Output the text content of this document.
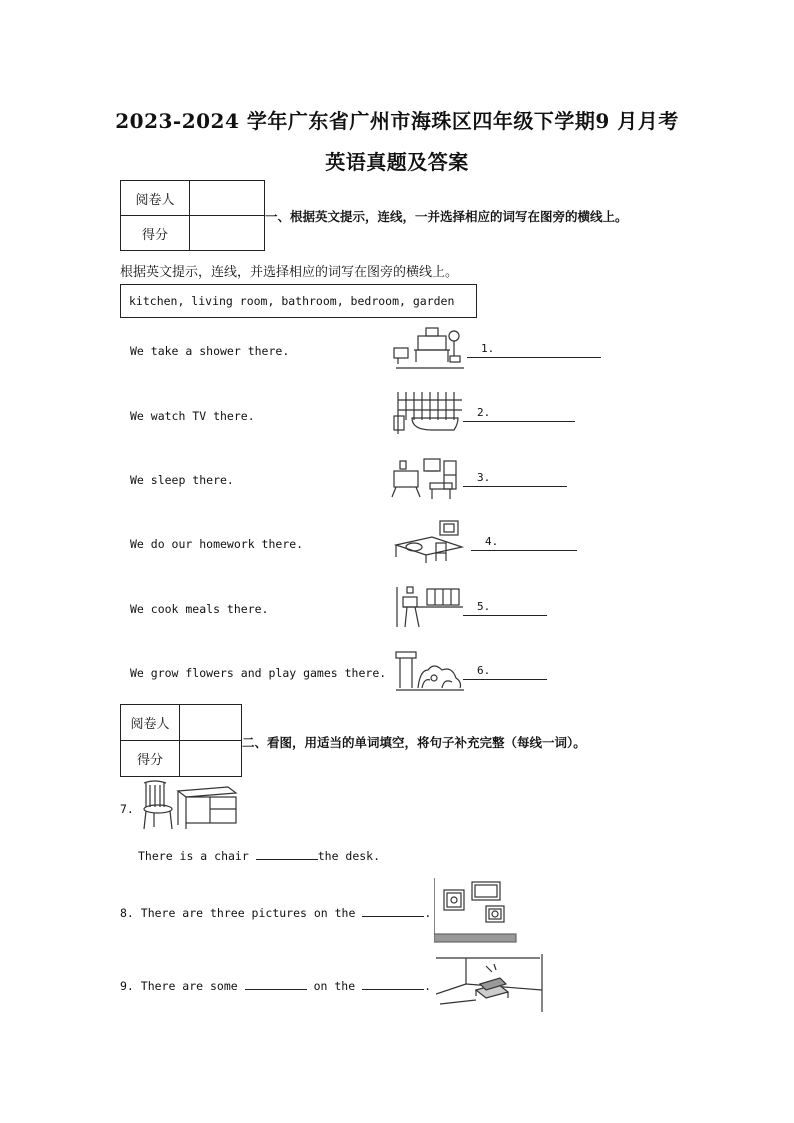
2023-2024 学年广东省广州市海珠区四年级下学期9 月月考
英语真题及答案
阅卷人	
得分	
一、根据英文提示，连线，一并选择相应的词写在图旁的横线上。
根据英文提示，连线，并选择相应的词写在图旁的横线上。
kitchen, living room, bathroom, bedroom, garden
We take a shower there.
We watch TV there.
We sleep there.
We do our homework there.
We cook meals there.
We grow flowers and play games there.
1.
2.
3.
4.
5.
6.
阅卷人	
得分	
二、看图，用适当的单词填空，将句子补充完整（每线一词）。
7.
There is a chair	the desk.
8. There are three pictures on the	.
9. There are some	on the	.
